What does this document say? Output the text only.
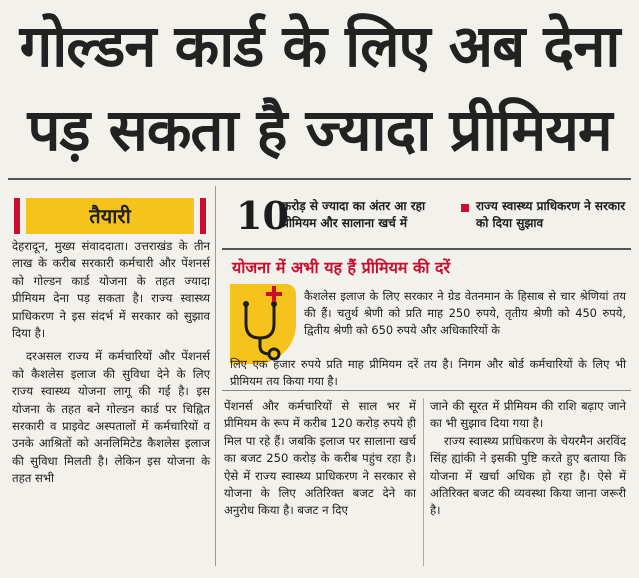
गोल्डन कार्ड के लिए अब देना
पड़ सकता है ज्यादा प्रीमियम
तैयारी

देहरादून, मुख्य संवाददाता। उत्तराखंड के तीन लाख के करीब सरकारी कर्मचारी और पेंशनर्स को गोल्डन कार्ड योजना के तहत ज्यादा प्रीमियम देना पड़ सकता है। राज्य स्वास्थ्य प्राधिकरण ने इस संदर्भ में सरकार को सुझाव दिया है।

दरअसल राज्य में कर्मचारियों और पेंशनर्स को कैशलेस इलाज की सुविधा देने के लिए राज्य स्वास्थ्य योजना लागू की गई है। इस योजना के तहत बने गोल्डन कार्ड पर चिह्नित सरकारी व प्राइवेट अस्पतालों में कर्मचारियों व उनके आश्रितों को अनलिमिटेड कैशलेस इलाज की सुविधा मिलती है। लेकिन इस योजना के तहत सभी

10
करोड़ से ज्यादा का अंतर आ रहा प्रीमियम और सालाना खर्च में
राज्य स्वास्थ्य प्राधिकरण ने सरकार को दिया सुझाव
योजना में अभी यह हैं प्रीमियम की दरें
कैशलेस इलाज के लिए सरकार ने ग्रेड वेतनमान के हिसाब से चार श्रेणियां तय की हैं। चतुर्थ श्रेणी को प्रति माह 250 रुपये, तृतीय श्रेणी को 450 रुपये, द्वितीय श्रेणी को 650 रुपये और अधिकारियों के
लिए एक हजार रुपये प्रति माह प्रीमियम दरें तय है। निगम और बोर्ड कर्मचारियों के लिए भी प्रीमियम तय किया गया है।

पेंशनर्स और कर्मचारियों से साल भर में प्रीमियम के रूप में करीब 120 करोड़ रुपये ही मिल पा रहे हैं। जबकि इलाज पर सालाना खर्च का बजट 250 करोड़ के करीब पहुंच रहा है। ऐसे में राज्य स्वास्थ्य प्राधिकरण ने सरकार से योजना के लिए अतिरिक्त बजट देने का अनुरोध किया है। बजट न दिए

जाने की सूरत में प्रीमियम की राशि बढ़ाए जाने का भी सुझाव दिया गया है।

राज्य स्वास्थ्य प्राधिकरण के चेयरमैन अरविंद सिंह ह्यांकी ने इसकी पुष्टि करते हुए बताया कि योजना में खर्चा अधिक हो रहा है। ऐसे में अतिरिक्त बजट की व्यवस्था किया जाना जरूरी है।
